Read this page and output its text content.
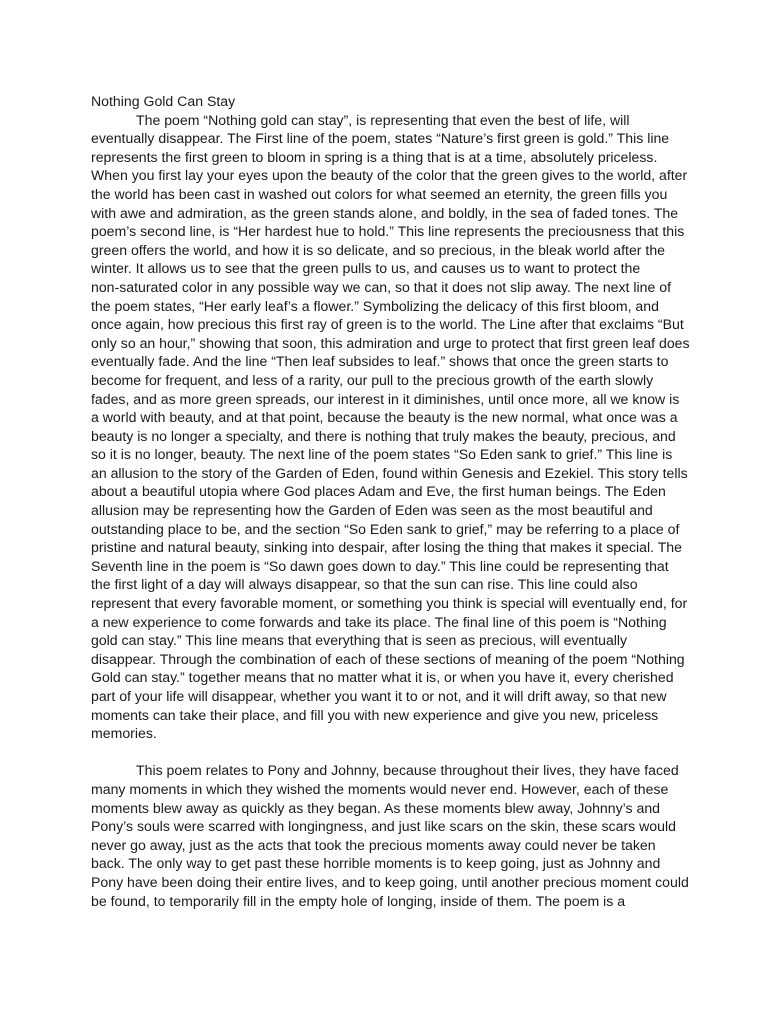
Nothing Gold Can Stay
The poem “Nothing gold can stay”, is representing that even the best of life, will
eventually disappear. The First line of the poem, states “Nature’s first green is gold.” This line
represents the first green to bloom in spring is a thing that is at a time, absolutely priceless.
When you first lay your eyes upon the beauty of the color that the green gives to the world, after
the world has been cast in washed out colors for what seemed an eternity, the green fills you
with awe and admiration, as the green stands alone, and boldly, in the sea of faded tones. The
poem’s second line, is “Her hardest hue to hold.” This line represents the preciousness that this
green offers the world, and how it is so delicate, and so precious, in the bleak world after the
winter. It allows us to see that the green pulls to us, and causes us to want to protect the
non-saturated color in any possible way we can, so that it does not slip away. The next line of
the poem states, “Her early leaf’s a flower.” Symbolizing the delicacy of this first bloom, and
once again, how precious this first ray of green is to the world. The Line after that exclaims “But
only so an hour,” showing that soon, this admiration and urge to protect that first green leaf does
eventually fade. And the line “Then leaf subsides to leaf.” shows that once the green starts to
become for frequent, and less of a rarity, our pull to the precious growth of the earth slowly
fades, and as more green spreads, our interest in it diminishes, until once more, all we know is
a world with beauty, and at that point, because the beauty is the new normal, what once was a
beauty is no longer a specialty, and there is nothing that truly makes the beauty, precious, and
so it is no longer, beauty. The next line of the poem states “So Eden sank to grief.” This line is
an allusion to the story of the Garden of Eden, found within Genesis and Ezekiel. This story tells
about a beautiful utopia where God places Adam and Eve, the first human beings. The Eden
allusion may be representing how the Garden of Eden was seen as the most beautiful and
outstanding place to be, and the section “So Eden sank to grief,” may be referring to a place of
pristine and natural beauty, sinking into despair, after losing the thing that makes it special. The
Seventh line in the poem is “So dawn goes down to day.” This line could be representing that
the first light of a day will always disappear, so that the sun can rise. This line could also
represent that every favorable moment, or something you think is special will eventually end, for
a new experience to come forwards and take its place. The final line of this poem is “Nothing
gold can stay.” This line means that everything that is seen as precious, will eventually
disappear. Through the combination of each of these sections of meaning of the poem “Nothing
Gold can stay.” together means that no matter what it is, or when you have it, every cherished
part of your life will disappear, whether you want it to or not, and it will drift away, so that new
moments can take their place, and fill you with new experience and give you new, priceless
memories.
This poem relates to Pony and Johnny, because throughout their lives, they have faced
many moments in which they wished the moments would never end. However, each of these
moments blew away as quickly as they began. As these moments blew away, Johnny’s and
Pony’s souls were scarred with longingness, and just like scars on the skin, these scars would
never go away, just as the acts that took the precious moments away could never be taken
back. The only way to get past these horrible moments is to keep going, just as Johnny and
Pony have been doing their entire lives, and to keep going, until another precious moment could
be found, to temporarily fill in the empty hole of longing, inside of them. The poem is a
